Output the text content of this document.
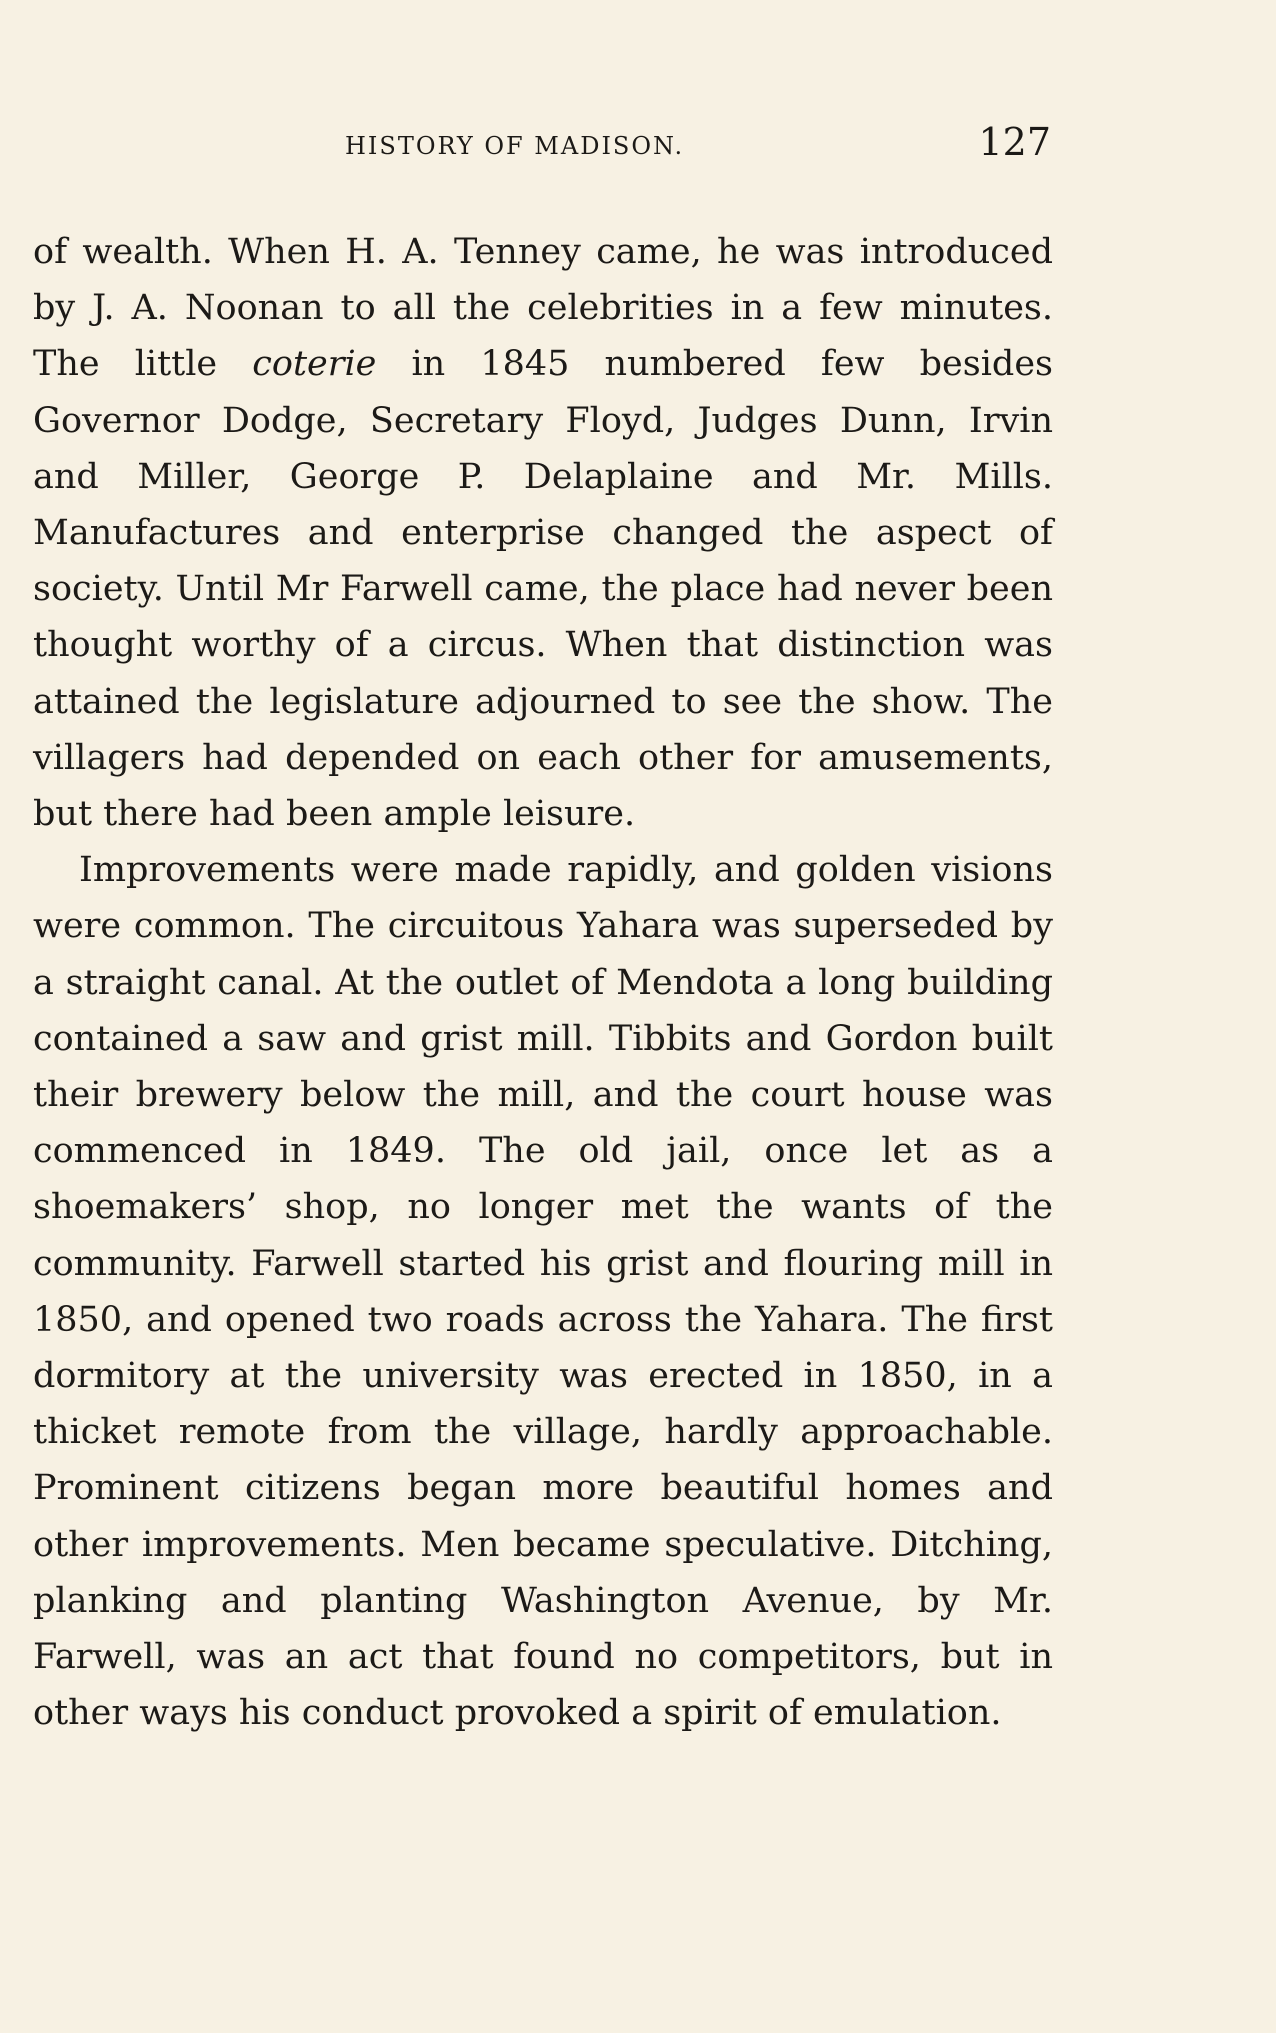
HISTORY OF MADISON.	127

of wealth. When H. A. Tenney came, he was introduced by J. A. Noonan to all the celebrities in a few minutes. The little coterie in 1845 numbered few besides Governor Dodge, Secretary Floyd, Judges Dunn, Irvin and Miller, George P. Delaplaine and Mr. Mills. Manufactures and enterprise changed the aspect of society. Until Mr Farwell came, the place had never been thought worthy of a circus. When that distinction was attained the legislature adjourned to see the show. The villagers had depended on each other for amusements, but there had been ample leisure.

Improvements were made rapidly, and golden visions were common. The circuitous Yahara was superseded by a straight canal. At the outlet of Mendota a long building contained a saw and grist mill. Tibbits and Gordon built their brewery below the mill, and the court house was commenced in 1849. The old jail, once let as a shoemakers’ shop, no longer met the wants of the community. Farwell started his grist and flouring mill in 1850, and opened two roads across the Yahara. The first dormitory at the university was erected in 1850, in a thicket remote from the village, hardly approachable. Prominent citizens began more beautiful homes and other improvements. Men became speculative. Ditching, planking and planting Washington Avenue, by Mr. Farwell, was an act that found no competitors, but in other ways his conduct provoked a spirit of emulation.
